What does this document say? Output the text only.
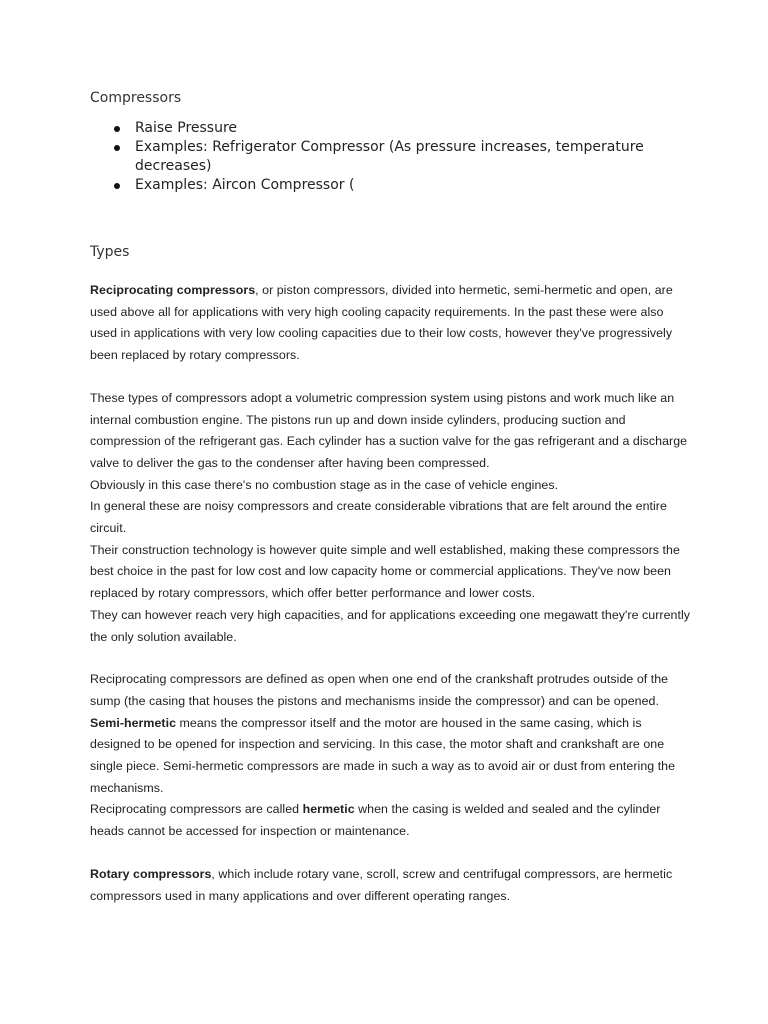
Compressors

Raise Pressure
Examples: Refrigerator Compressor (As pressure increases, temperature decreases)
Examples: Aircon Compressor (

Types

Reciprocating compressors, or piston compressors, divided into hermetic, semi-hermetic and open, are used above all for applications with very high cooling capacity requirements. In the past these were also used in applications with very low cooling capacities due to their low costs, however they've progressively been replaced by rotary compressors.

These types of compressors adopt a volumetric compression system using pistons and work much like an internal combustion engine. The pistons run up and down inside cylinders, producing suction and compression of the refrigerant gas. Each cylinder has a suction valve for the gas refrigerant and a discharge valve to deliver the gas to the condenser after having been compressed.

Obviously in this case there's no combustion stage as in the case of vehicle engines.

In general these are noisy compressors and create considerable vibrations that are felt around the entire circuit.

Their construction technology is however quite simple and well established, making these compressors the best choice in the past for low cost and low capacity home or commercial applications. They've now been replaced by rotary compressors, which offer better performance and lower costs.

They can however reach very high capacities, and for applications exceeding one megawatt they're currently the only solution available.

Reciprocating compressors are defined as open when one end of the crankshaft protrudes outside of the sump (the casing that houses the pistons and mechanisms inside the compressor) and can be opened. Semi-hermetic means the compressor itself and the motor are housed in the same casing, which is designed to be opened for inspection and servicing. In this case, the motor shaft and crankshaft are one single piece. Semi-hermetic compressors are made in such a way as to avoid air or dust from entering the mechanisms.

Reciprocating compressors are called hermetic when the casing is welded and sealed and the cylinder heads cannot be accessed for inspection or maintenance.

Rotary compressors, which include rotary vane, scroll, screw and centrifugal compressors, are hermetic compressors used in many applications and over different operating ranges.
